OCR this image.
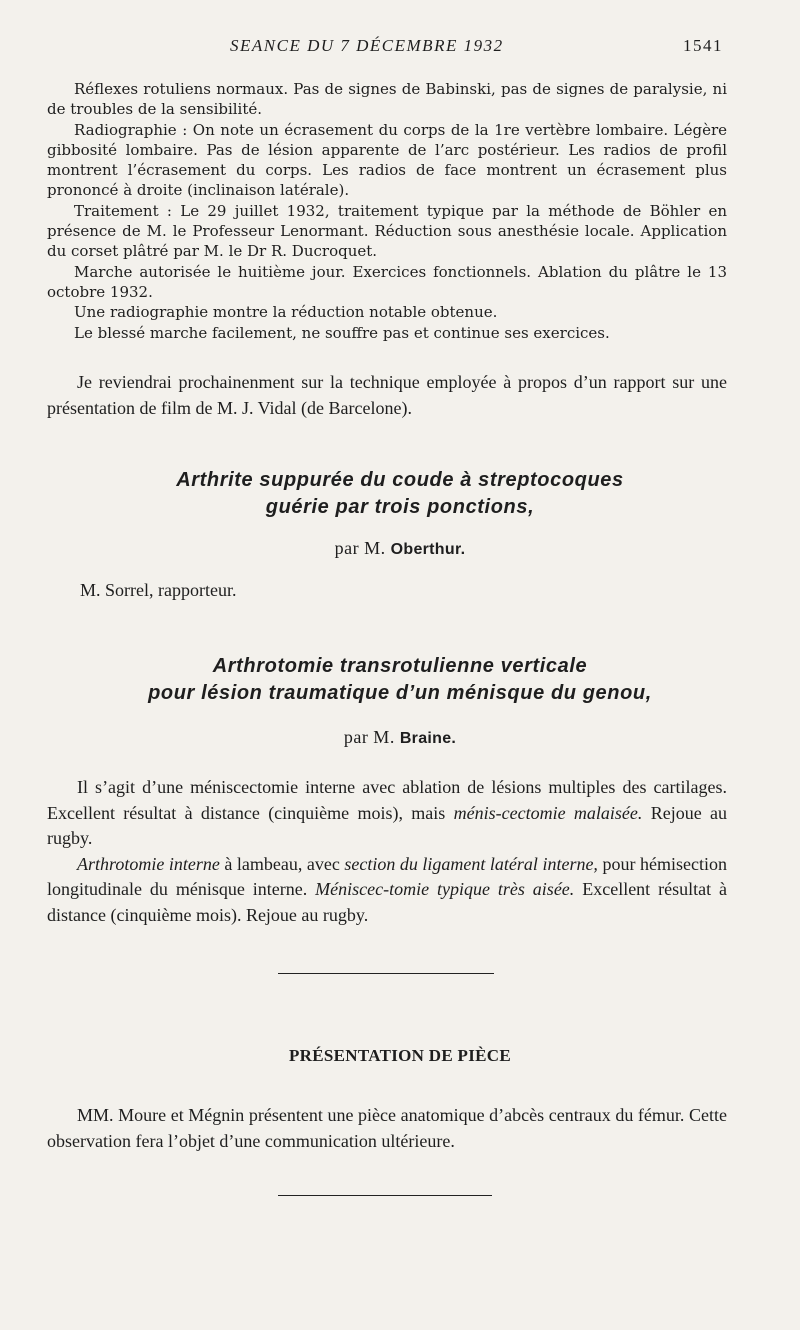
SEANCE DU 7 DÉCEMBRE 1932	1541

Réflexes rotuliens normaux. Pas de signes de Babinski, pas de signes de paralysie, ni de troubles de la sensibilité.

Radiographie : On note un écrasement du corps de la 1re vertèbre lombaire. Légère gibbosité lombaire. Pas de lésion apparente de l’arc postérieur. Les radios de profil montrent l’écrasement du corps. Les radios de face montrent un écrasement plus prononcé à droite (inclinaison latérale).

Traitement : Le 29 juillet 1932, traitement typique par la méthode de Böhler en présence de M. le Professeur Lenormant. Réduction sous anesthésie locale. Application du corset plâtré par M. le Dr R. Ducroquet.

Marche autorisée le huitième jour. Exercices fonctionnels. Ablation du plâtre le 13 octobre 1932.

Une radiographie montre la réduction notable obtenue.

Le blessé marche facilement, ne souffre pas et continue ses exercices.

Je reviendrai prochainenment sur la technique employée à propos d’un rapport sur une présentation de film de M. J. Vidal (de Barcelone).

Arthrite suppurée du coude à streptocoques
guérie par trois ponctions,
par M. Oberthur.
M. Sorrel, rapporteur.
Arthrotomie transrotulienne verticale
pour lésion traumatique d’un ménisque du genou,
par M. Braine.

Il s’agit d’une méniscectomie interne avec ablation de lésions multiples des cartilages. Excellent résultat à distance (cinquième mois), mais ménis-cectomie malaisée. Rejoue au rugby.

Arthrotomie interne à lambeau, avec section du ligament latéral interne, pour hémisection longitudinale du ménisque interne. Méniscec-tomie typique très aisée. Excellent résultat à distance (cinquième mois). Rejoue au rugby.

PRÉSENTATION DE PIÈCE

MM. Moure et Mégnin présentent une pièce anatomique d’abcès centraux du fémur. Cette observation fera l’objet d’une communication ultérieure.
